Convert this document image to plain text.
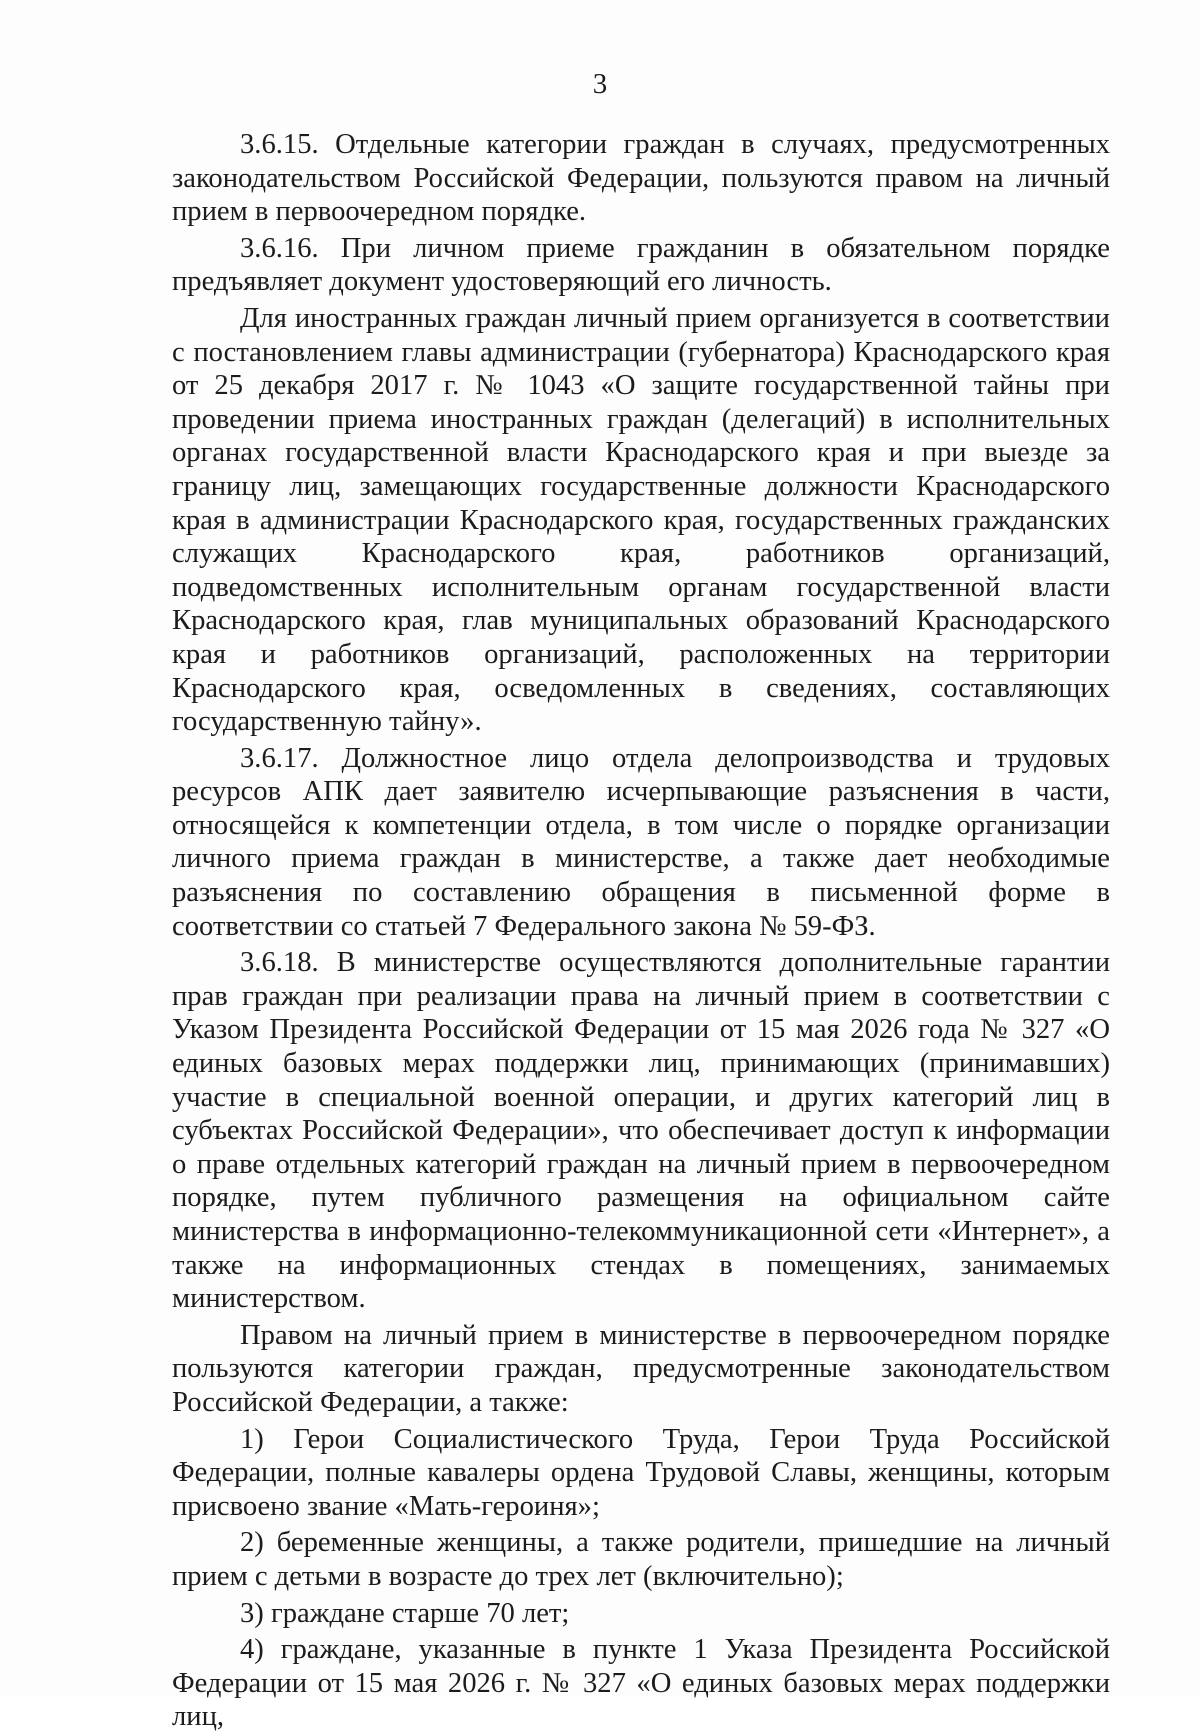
3

3.6.15. Отдельные категории граждан в случаях, предусмотренных законодательством Российской Федерации, пользуются правом на личный прием в первоочередном порядке.

3.6.16. При личном приеме гражданин в обязательном порядке предъявляет документ удостоверяющий его личность.

Для иностранных граждан личный прием организуется в соответствии с постановлением главы администрации (губернатора) Краснодарского края от 25 декабря 2017 г. № 1043 «О защите государственной тайны при проведении приема иностранных граждан (делегаций) в исполнительных органах государственной власти Краснодарского края и при выезде за границу лиц, замещающих государственные должности Краснодарского края в администрации Краснодарского края, государственных гражданских служащих Краснодарского края, работников организаций, подведомственных исполнительным органам государственной власти Краснодарского края, глав муниципальных образований Краснодарского края и работников организаций, расположенных на территории Краснодарского края, осведомленных в сведениях, составляющих государственную тайну».

3.6.17. Должностное лицо отдела делопроизводства и трудовых ресурсов АПК дает заявителю исчерпывающие разъяснения в части, относящейся к компетенции отдела, в том числе о порядке организации личного приема граждан в министерстве, а также дает необходимые разъяснения по составлению обращения в письменной форме в соответствии со статьей 7 Федерального закона № 59-ФЗ.

3.6.18. В министерстве осуществляются дополнительные гарантии прав граждан при реализации права на личный прием в соответствии с Указом Президента Российской Федерации от 15 мая 2026 года № 327 «О единых базовых мерах поддержки лиц, принимающих (принимавших) участие в специальной военной операции, и других категорий лиц в субъектах Российской Федерации», что обеспечивает доступ к информации о праве отдельных категорий граждан на личный прием в первоочередном порядке, путем публичного размещения на официальном сайте министерства в информационно-телекоммуникационной сети «Интернет», а также на информационных стендах в помещениях, занимаемых министерством.

Правом на личный прием в министерстве в первоочередном порядке пользуются категории граждан, предусмотренные законодательством Российской Федерации, а также:

1) Герои Социалистического Труда, Герои Труда Российской Федерации, полные кавалеры ордена Трудовой Славы, женщины, которым присвоено звание «Мать-героиня»;

2) беременные женщины, а также родители, пришедшие на личный прием с детьми в возрасте до трех лет (включительно);

3) граждане старше 70 лет;

4) граждане, указанные в пункте 1 Указа Президента Российской Федерации от 15 мая 2026 г. № 327 «О единых базовых мерах поддержки лиц,
